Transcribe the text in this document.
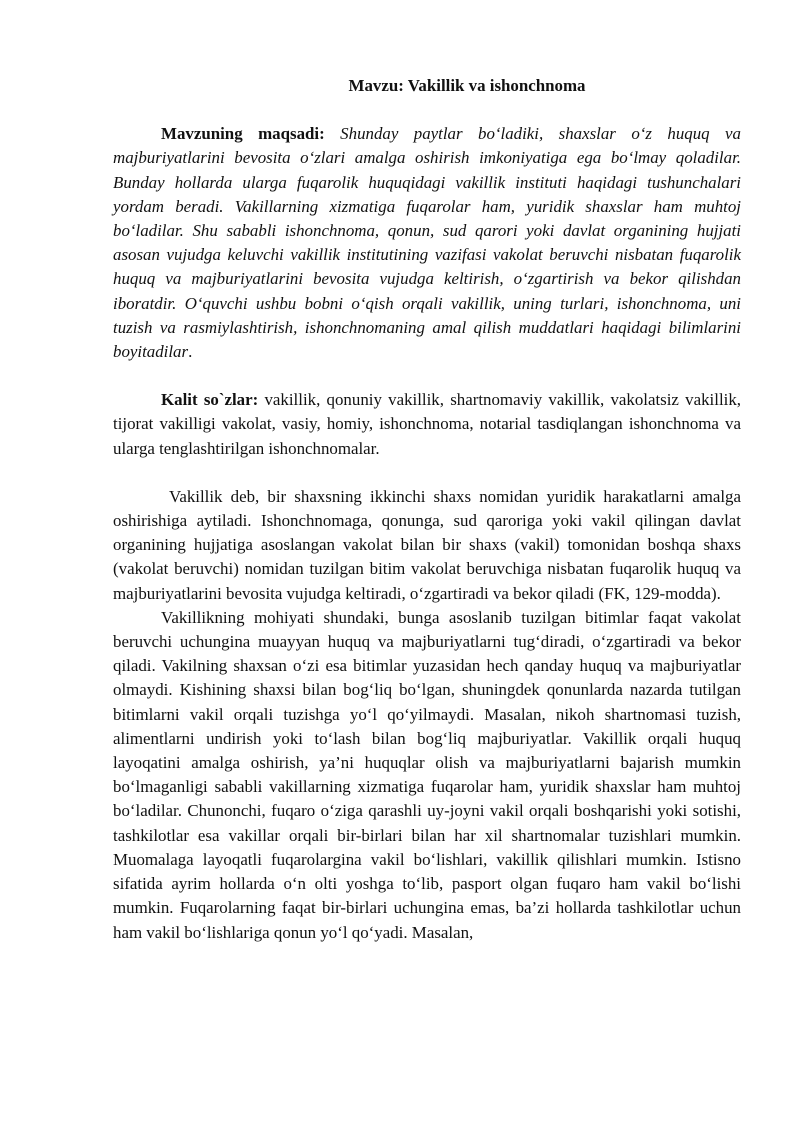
Mavzu: Vakillik va ishonchnoma

Mavzuning maqsadi: Shunday paytlar bo‘ladiki, shaxslar o‘z huquq va majburiyatlarini bevosita o‘zlari amalga oshirish imkoniyatiga ega bo‘lmay qoladilar. Bunday hollarda ularga fuqarolik huquqidagi vakillik instituti haqidagi tushunchalari yordam beradi. Vakillarning xizmatiga fuqarolar ham, yuridik shaxslar ham muhtoj bo‘ladilar. Shu sababli ishonchnoma, qonun, sud qarori yoki davlat organining hujjati asosan vujudga keluvchi vakillik institutining vazifasi vakolat beruvchi nisbatan fuqarolik huquq va majburiyatlarini bevosita vujudga keltirish, o‘zgartirish va bekor qilishdan iboratdir. O‘quvchi ushbu bobni o‘qish orqali vakillik, uning turlari, ishonchnoma, uni tuzish va rasmiylashtirish, ishonchnomaning amal qilish muddatlari haqidagi bilimlarini boyitadilar.

Kalit so`zlar: vakillik, qonuniy vakillik, shartnomaviy vakillik, vakolatsiz vakillik, tijorat vakilligi vakolat, vasiy, homiy, ishonchnoma, notarial tasdiqlangan ishonchnoma va ularga tenglashtirilgan ishonchnomalar.

Vakillik deb, bir shaxsning ikkinchi shaxs nomidan yuridik harakatlarni amalga oshirishiga aytiladi. Ishonchnomaga, qonunga, sud qaroriga yoki vakil qilingan davlat organining hujjatiga asoslangan vakolat bilan bir shaxs (vakil) tomonidan boshqa shaxs (vakolat beruvchi) nomidan tuzilgan bitim vakolat beruvchiga nisbatan fuqarolik huquq va majburiyatlarini bevosita vujudga keltiradi, o‘zgartiradi va bekor qiladi (FK, 129-modda).

Vakillikning mohiyati shundaki, bunga asoslanib tuzilgan bitimlar faqat vakolat beruvchi uchungina muayyan huquq va majburiyatlarni tug‘diradi, o‘zgartiradi va bekor qiladi. Vakilning shaxsan o‘zi esa bitimlar yuzasidan hech qanday huquq va majburiyatlar olmaydi. Kishining shaxsi bilan bog‘liq bo‘lgan, shuningdek qonunlarda nazarda tutilgan bitimlarni vakil orqali tuzishga yo‘l qo‘yilmaydi. Masalan, nikoh shartnomasi tuzish, alimentlarni undirish yoki to‘lash bilan bog‘liq majburiyatlar. Vakillik orqali huquq layoqatini amalga oshirish, ya’ni huquqlar olish va majburiyatlarni bajarish mumkin bo‘lmaganligi sababli vakillarning xizmatiga fuqarolar ham, yuridik shaxslar ham muhtoj bo‘ladilar. Chunonchi, fuqaro o‘ziga qarashli uy-joyni vakil orqali boshqarishi yoki sotishi, tashkilotlar esa vakillar orqali bir-birlari bilan har xil shartnomalar tuzishlari mumkin. Muomalaga layoqatli fuqarolargina vakil bo‘lishlari, vakillik qilishlari mumkin. Istisno sifatida ayrim hollarda o‘n olti yoshga to‘lib, pasport olgan fuqaro ham vakil bo‘lishi mumkin. Fuqarolarning faqat bir-birlari uchungina emas, ba’zi hollarda tashkilotlar uchun ham vakil bo‘lishlariga qonun yo‘l qo‘yadi. Masalan,
